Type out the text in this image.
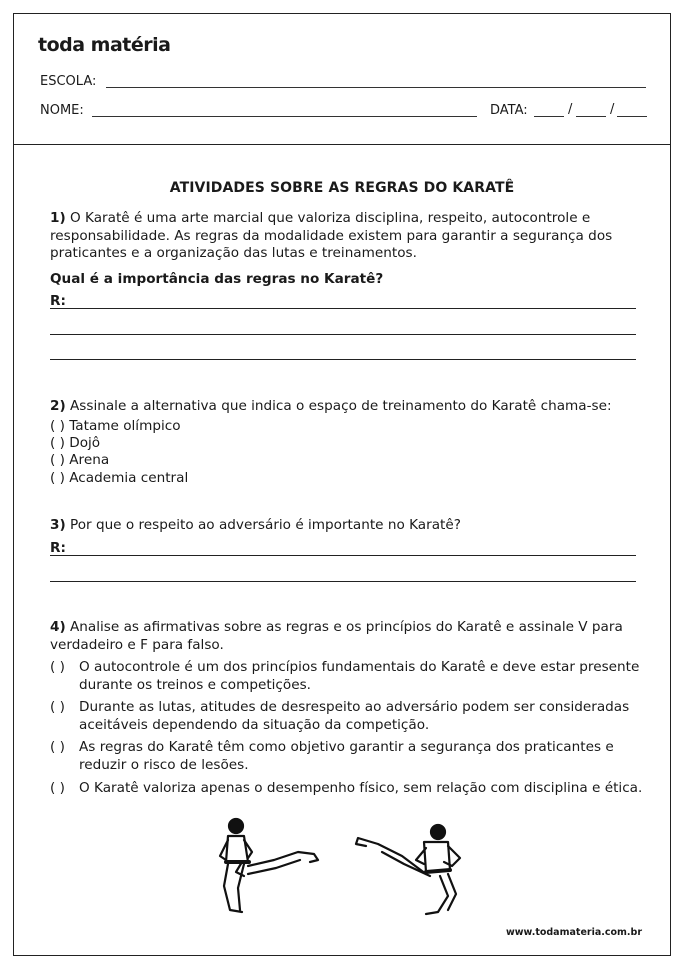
toda matéria
ESCOLA:
NOME:	DATA:	/	/
ATIVIDADES SOBRE AS REGRAS DO KARATÊ
1) O Karatê é uma arte marcial que valoriza disciplina, respeito, autocontrole e responsabilidade. As regras da modalidade existem para garantir a segurança dos praticantes e a organização das lutas e treinamentos.
Qual é a importância das regras no Karatê?
R:
2) Assinale a alternativa que indica o espaço de treinamento do Karatê chama-se:
( ) Tatame olímpico
( ) Dojô
( ) Arena
( ) Academia central
3) Por que o respeito ao adversário é importante no Karatê?
R:
4) Analise as afirmativas sobre as regras e os princípios do Karatê e assinale V para verdadeiro e F para falso.
( )	O autocontrole é um dos princípios fundamentais do Karatê e deve estar presente durante os treinos e competições.
( )	Durante as lutas, atitudes de desrespeito ao adversário podem ser consideradas aceitáveis dependendo da situação da competição.
( )	As regras do Karatê têm como objetivo garantir a segurança dos praticantes e reduzir o risco de lesões.
( )	O Karatê valoriza apenas o desempenho físico, sem relação com disciplina e ética.
www.todamateria.com.br
